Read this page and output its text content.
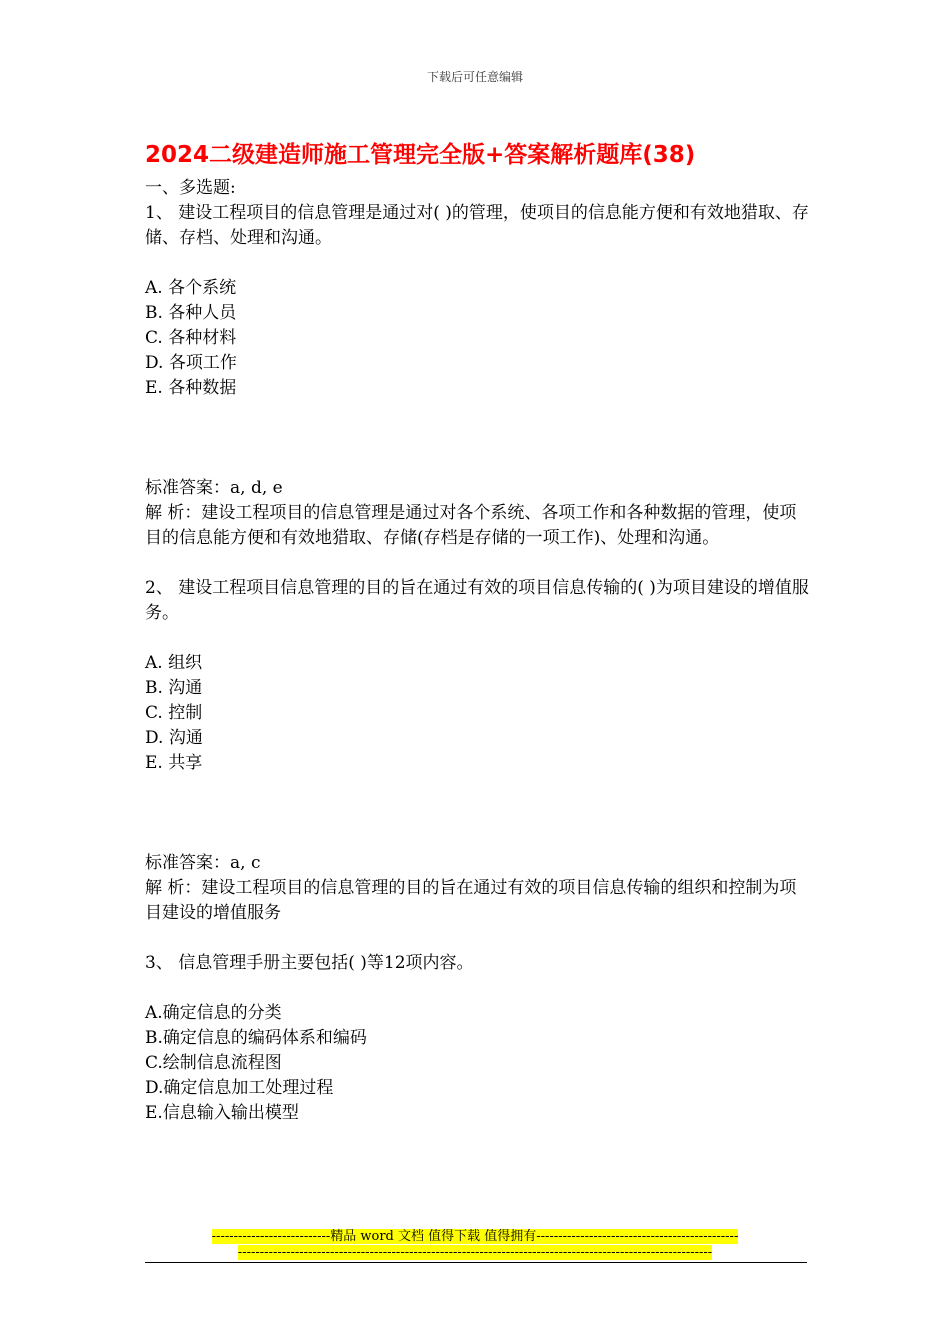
下载后可任意编辑
2024二级建造师施工管理完全版+答案解析题库(38)

一、多选题:

1、 建设工程项目的信息管理是通过对( )的管理，使项目的信息能方便和有效地猎取、存储、存档、处理和沟通。

A. 各个系统
B. 各种人员
C. 各种材料
D. 各项工作
E. 各种数据

标准答案：a, d, e

解 析：建设工程项目的信息管理是通过对各个系统、各项工作和各种数据的管理，使项目的信息能方便和有效地猎取、存储(存档是存储的一项工作)、处理和沟通。

2、 建设工程项目信息管理的目的旨在通过有效的项目信息传输的( )为项目建设的增值服务。

A. 组织
B. 沟通
C. 控制
D. 沟通
E. 共享

标准答案：a, c

解 析：建设工程项目的信息管理的目的旨在通过有效的项目信息传输的组织和控制为项目建设的增值服务

3、 信息管理手册主要包括( )等12项内容。

A.确定信息的分类
B.确定信息的编码体系和编码
C.绘制信息流程图
D.确定信息加工处理过程
E.信息输入输出模型
---------------------------精品 word 文档 值得下载 值得拥有----------------------------------------------
------------------------------------------------------------------------------------------------------------
